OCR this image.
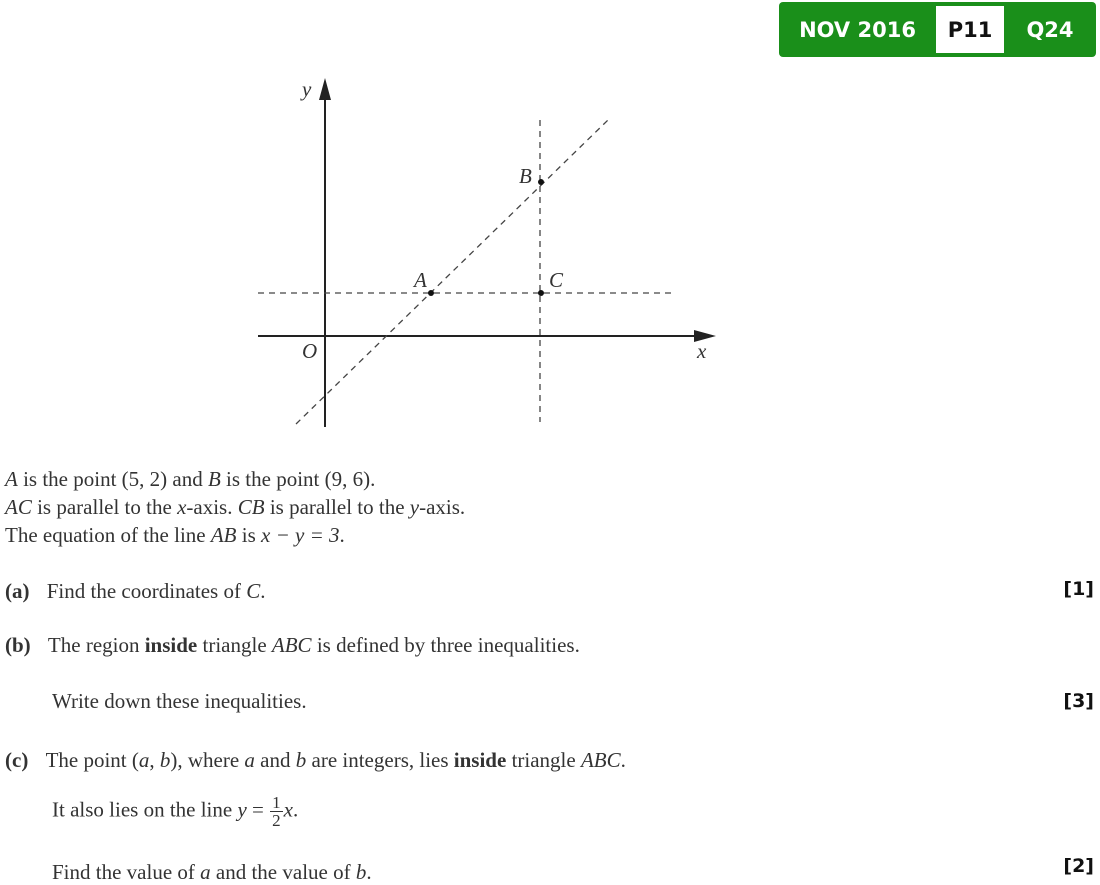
NOV 2016	P11	Q24
y
x
O
A
B
C
A is the point (5, 2) and B is the point (9, 6).
AC is parallel to the x-axis. CB is parallel to the y-axis.
The equation of the line AB is x − y = 3.
(a) Find the coordinates of C.	[1]
(b) The region inside triangle ABC is defined by three inequalities.
Write down these inequalities.	[3]
(c) The point (a, b), where a and b are integers, lies inside triangle ABC.
It also lies on the line $y = \frac{1}{2} x$.
Find the value of a and the value of b.	[2]
